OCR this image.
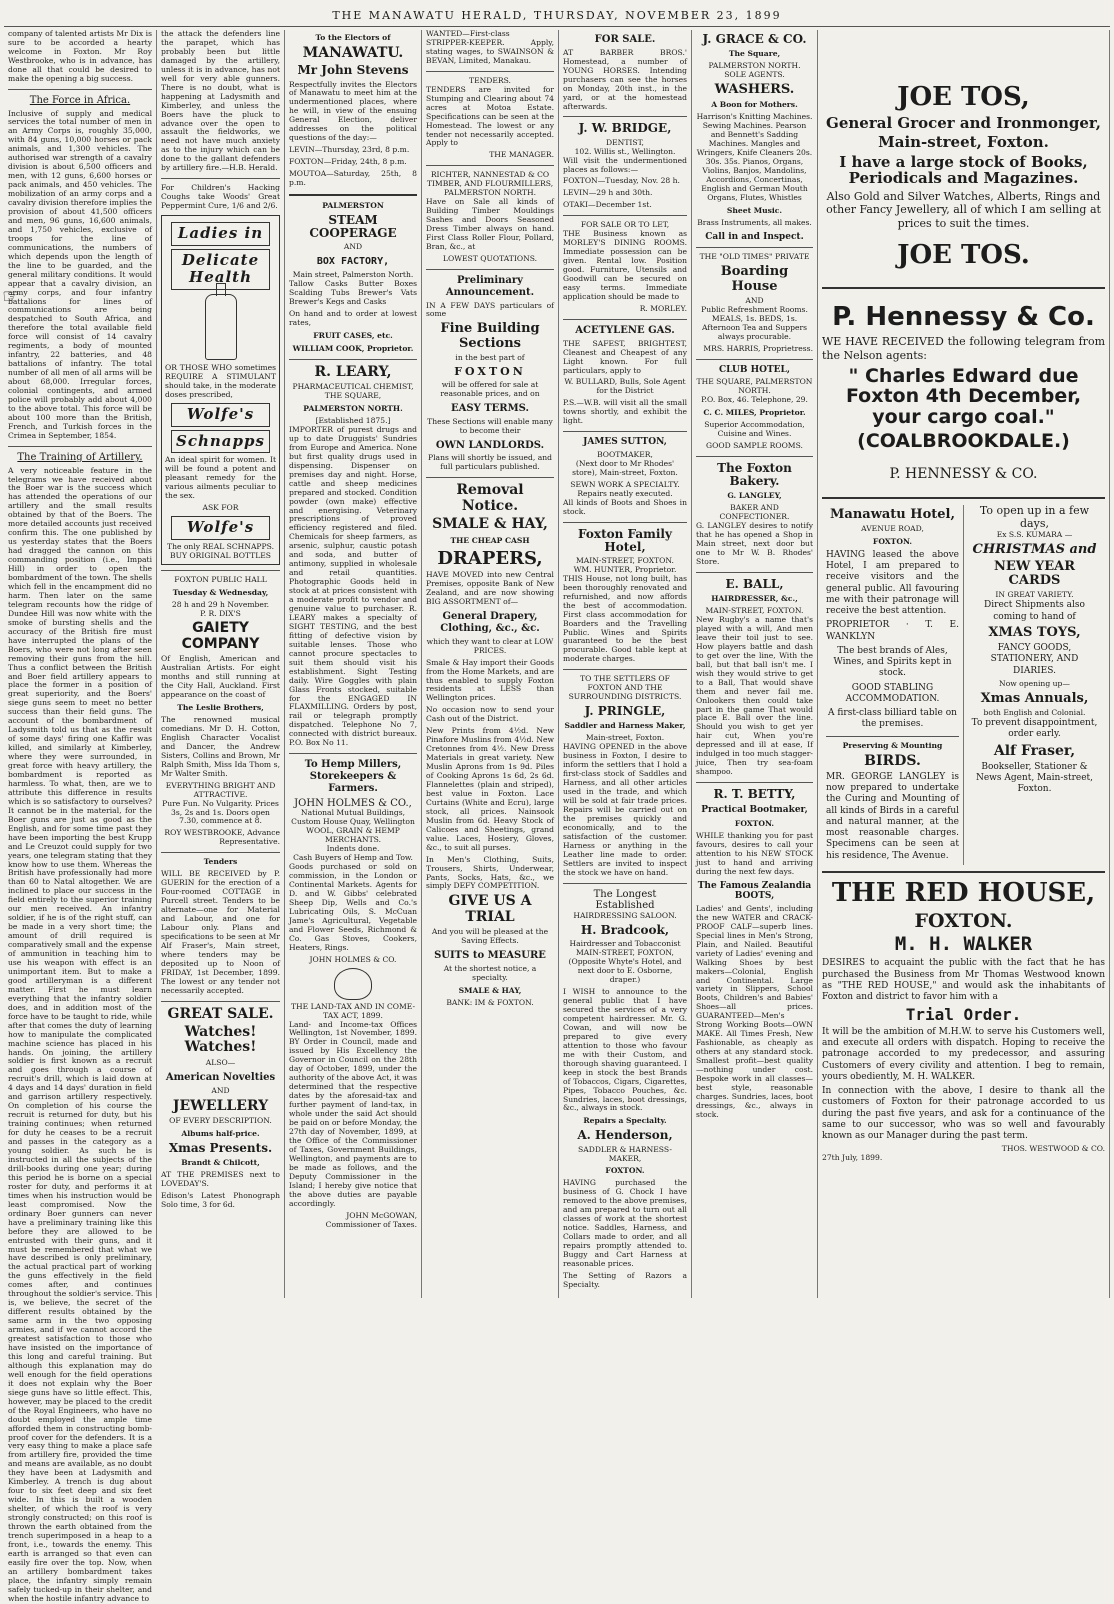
THE MANAWATU HERALD, THURSDAY, NOVEMBER 23, 1899

company of talented artists Mr Dix is sure to be accorded a hearty welcome in Foxton. Mr Roy Westbrooke, who is in advance, has done all that could be desired to make the opening a big success.

The Force in Africa.
☞

Inclusive of supply and medical services the total number of men in an Army Corps is, roughly 35,000, with 84 guns, 10,000 horses or pack animals, and 1,300 vehicles. The authorised war strength of a cavalry division is about 6,500 officers and men, with 12 guns, 6,600 horses or pack animals, and 450 vehicles. The mobilization of an army corps and a cavalry division therefore implies the provision of about 41,500 officers and men, 96 guns, 16,600 animals, and 1,750 vehicles, exclusive of troops for the line of communications, the numbers of which depends upon the length of the line to be guarded, and the general military conditions. It would appear that a cavalry division, an army corps, and four infantry battalions for lines of communications are being despatched to South Africa, and therefore the total available field force will consist of 14 cavalry regiments, a body of mounted infantry, 22 batteries, and 48 battalions of infantry. The total number of all men of all arms will be about 68,000. Irregular forces, colonial contingents, and armed police will probably add about 4,000 to the above total. This force will be about 100 more than the British, French, and Turkish forces in the Crimea in September, 1854.

The Training of Artillery.

A very noticeable feature in the telegrams we have received about the Boer war is the success which has attended the operations of our artillery and the small results obtained by that of the Boers. The more detailed accounts just received confirm this. The one published by us yesterday states that the Boers had dragged the cannon on this commanding position (i.e., Impati Hill) in order to open the bombardment of the town. The shells which fell in the encampment did no harm. Then later on the same telegram recounts how the ridge of Dundee Hill was now white with the smoke of bursting shells and the accuracy of the British fire must have interrupted the plans of the Boers, who were not long after seen removing their guns from the hill. Thus a conflict between the British and Boer field artillery appears to place the former in a position of great superiority, and the Boers' siege guns seem to meet no better success than their field guns. The account of the bombardment of Ladysmith told us that as the result of some days' firing one Kaffir was killed, and similarly at Kimberley, where they were surrounded, in great force with heavy artillery, the bombardment is reported as harmless. To what, then, are we to attribute this difference in results which is so satisfactory to ourselves? It cannot be in the material, for the Boer guns are just as good as the English, and for some time past they have been importing the best Krupp and Le Creuzot could supply for two years, one telegram stating that they know how to use them. Whereas the British have professionally had more than 60 to Natal altogether. We are inclined to place our success in the field entirely to the superior training our men received. An infantry soldier, if he is of the right stuff, can be made in a very short time; the amount of drill required is comparatively small and the expense of ammunition in teaching him to use his weapon with effect is an unimportant item. But to make a good artilleryman is a different matter. First he must learn everything that the infantry soldier does, and in addition most of the force have to be taught to ride, while after that comes the duty of learning how to manipulate the complicated machine science has placed in his hands. On joining, the artillery soldier is first known as a recruit and goes through a course of recruit's drill, which is laid down at 4 days and 14 days' duration in field and garrison artillery respectively. On completion of his course the recruit is returned for duty, but his training continues; when returned for duty he ceases to be a recruit and passes in the category as a young soldier. As such he is instructed in all the subjects of the drill-books during one year; during this period he is borne on a special roster for duty, and performs it at times when his instruction would be least compromised. Now the ordinary Boer gunners can never have a preliminary training like this before they are allowed to be entrusted with their guns, and it must be remembered that what we have described is only preliminary, the actual practical part of working the guns effectively in the field comes after, and continues throughout the soldier's service. This is, we believe, the secret of the different results obtained by the same arm in the two opposing armies, and if we cannot accord the greatest satisfaction to those who have insisted on the importance of this long and careful training. But although this explanation may do well enough for the field operations it does not explain why the Boer siege guns have so little effect. This, however, may be placed to the credit of the Royal Engineers, who have no doubt employed the ample time afforded them in constructing bomb-proof cover for the defenders. It is a very easy thing to make a place safe from artillery fire, provided the time and means are available, as no doubt they have been at Ladysmith and Kimberley. A trench is dug about four to six feet deep and six feet wide. In this is built a wooden shelter, of which the roof is very strongly constructed; on this roof is thrown the earth obtained from the trench superimposed in a heap to a front, i.e., towards the enemy. This earth is arranged so that even can easily fire over the top. Now, when an artillery bombardment takes place, the infantry simply remain safely tucked-up in their shelter, and when the hostile infantry advance to

the attack the defenders line the parapet, which has probably been but little damaged by the artillery, unless it is in advance, has not well for very able gunners. There is no doubt, what is happening at Ladysmith and Kimberley, and unless the Boers have the pluck to advance over the open to assault the fieldworks, we need not have much anxiety as to the injury which can be done to the gallant defenders by artillery fire.—H.B. Herald.

For Children's Hacking Coughs take Woods' Great Peppermint Cure, 1/6 and 2/6.

Ladies in
Delicate Health

OR THOSE WHO sometimes REQUIRE A STIMULANT should take, in the moderate doses prescribed,

Wolfe's
Schnapps

An ideal spirit for women. It will be found a potent and pleasant remedy for the various ailments peculiar to the sex.

ASK FOR
Wolfe's
The only REAL SCHNAPPS.
BUY ORIGINAL BOTTLES
FOXTON PUBLIC HALL
Tuesday & Wednesday,
28 h and 29 h November.
P. R. DIX'S
GAIETY COMPANY

Of English, American and Australian Artists. For eight months and still running at the City Hall, Auckland. First appearance on the coast of

The Leslie Brothers,

The renowned musical comedians. Mr D. H. Cotton, English Character Vocalist and Dancer, the Andrew Sisters, Collins and Brown, Mr Ralph Smith, Miss Ida Thom s, Mr Walter Smith.

EVERYTHING BRIGHT AND ATTRACTIVE.

Pure Fun. No Vulgarity. Prices 3s, 2s and 1s. Doors open 7.30, commence at 8.

ROY WESTBROOKE, Advance Representative.
Tenders

WILL BE RECEIVED by P. GUERIN for the erection of a Four-roomed COTTAGE in Purcell street. Tenders to be alternate—one for Material and Labour, and one for Labour only. Plans and specifications to be seen at Mr Alf Fraser's, Main street, where tenders may be deposited up to Noon of FRIDAY, 1st December, 1899. The lowest or any tender not necessarily accepted.

GREAT SALE.
Watches! Watches!
ALSO—
American Novelties
AND
JEWELLERY
OF EVERY DESCRIPTION.
Albums half-price.
Xmas Presents.
Brandt & Chilcott,

AT THE PREMISES next to LOVEDAY'S.

Edison's Latest Phonograph Solo time, 3 for 6d.

To the Electors of
MANAWATU.
Mr John Stevens

Respectfully invites the Electors of Manawatu to meet him at the undermentioned places, where he will, in view of the ensuing General Election, deliver addresses on the political questions of the day:—

LEVIN—Thursday, 23rd, 8 p.m.

FOXTON—Friday, 24th, 8 p.m.

MOUTOA—Saturday, 25th, 8 p.m.

PALMERSTON
STEAM COOPERAGE
AND
BOX FACTORY,
Main street, Palmerston North.

Tallow Casks Butter Boxes Scalding Tubs Brewer's Vats Brewer's Kegs and Casks

On hand and to order at lowest rates,

FRUIT CASES, etc.
WILLIAM COOK, Proprietor.
R. LEARY,
PHARMACEUTICAL CHEMIST,
THE SQUARE,
PALMERSTON NORTH.
[Established 1875.]

IMPORTER of purest drugs and up to date Druggists' Sundries from Europe and America. None but first quality drugs used in dispensing. Dispenser on premises day and night. Horse, cattle and sheep medicines prepared and stocked. Condition powder (own make) effective and energising. Veterinary prescriptions of proved efficiency registered and filed. Chemicals for sheep farmers, as arsenic, sulphur, caustic potash and soda, and butter of antimony, supplied in wholesale and retail quantities. Photographic Goods held in stock at at prices consistent with a moderate profit to vendor and genuine value to purchaser. R. LEARY makes a specialty of SIGHT TESTING, and the best fitting of defective vision by suitable lenses. Those who cannot procure spectacles to suit them should visit his establishment. Sight Testing daily. Wire Goggles with plain Glass Fronts stocked, suitable for the ENGAGED IN FLAXMILLING. Orders by post, rail or telegraph promptly dispatched. Telephone No 7, connected with district bureaux. P.O. Box No 11.

To Hemp Millers, Storekeepers & Farmers.
JOHN HOLMES & CO.,
National Mutual Buildings, Custom House Quay, Wellington
WOOL, GRAIN & HEMP MERCHANTS.
Indents done.
Cash Buyers of Hemp and Tow.

Goods purchased or sold on commission, in the London or Continental Markets. Agents for D. and W. Gibbs' celebrated Sheep Dip, Wells and Co.'s Lubricating Oils, S. McCuan Jame's Agricultural, Vegetable and Flower Seeds, Richmond & Co. Gas Stoves, Cookers, Heaters, Rings.

JOHN HOLMES & CO.
THE LAND-TAX AND IN COME-TAX ACT, 1899.

Land- and Income-tax Offices Wellington, 1st November, 1899. BY Order in Council, made and issued by His Excellency the Governor in Council on the 28th day of October, 1899, under the authority of the above Act, it was determined that the respective dates by the aforesaid-tax and further payment of land-tax, in whole under the said Act should be paid on or before Monday, the 27th day of November, 1899, at the Office of the Commissioner of Taxes, Government Buildings, Wellington, and payments are to be made as follows, and the Deputy Commissioner in the Island; I hereby give notice that the above duties are payable accordingly.

JOHN McGOWAN, Commissioner of Taxes.

WANTED—First-class STRIPPER-KEEPER. Apply, stating wages, to SWAINSON & BEVAN, Limited, Manakau.

TENDERS.

TENDERS are invited for Stumping and Clearing about 74 acres at Motoa Estate. Specifications can be seen at the Homestead. The lowest or any tender not necessarily accepted. Apply to

THE MANAGER.
RICHTER, NANNESTAD & CO TIMBER, AND FLOURMILLERS,
PALMERSTON NORTH.

Have on Sale all kinds of Building Timber Mouldings Sashes and Doors Seasoned Dress Timber always on hand. First Class Roller Flour, Pollard, Bran, &c., at

LOWEST QUOTATIONS.
Preliminary Announcement.

IN A FEW DAYS particulars of some

Fine Building Sections
in the best part of
FOXTON

will be offered for sale at reasonable prices, and on

EASY TERMS.

These Sections will enable many to become their

OWN LANDLORDS.

Plans will shortly be issued, and full particulars published.

Removal Notice.
SMALE & HAY,
THE CHEAP CASH
DRAPERS,

HAVE MOVED into new Central Premises, opposite Bank of New Zealand, and are now showing BIG ASSORTMENT of—

General Drapery, Clothing, &c., &c.

which they want to clear at LOW PRICES.

Smale & Hay import their Goods from the Home Markets, and are thus enabled to supply Foxton residents at LESS than Wellington prices.

No occasion now to send your Cash out of the District.

New Prints from 4½d. New Pinafore Muslins from 4½d. New Cretonnes from 4½. New Dress Materials in great variety. New Muslin Aprons from 1s 9d. Piles of Cooking Aprons 1s 6d, 2s 6d. Flannelettes (plain and striped), best value in Foxton. Lace Curtains (White and Ecru), large stock, all prices. Nainsook Muslin from 6d. Heavy Stock of Calicoes and Sheetings, grand value. Laces, Hosiery, Gloves, &c., to suit all purses.

In Men's Clothing, Suits, Trousers, Shirts, Underwear, Pants, Socks, Hats, &c., we simply DEFY COMPETITION.

GIVE US A TRIAL

And you will be pleased at the Saving Effects.

SUITS to MEASURE

At the shortest notice, a specialty.

SMALE & HAY,
BANK: IM & FOXTON.
FOR SALE.

AT BARBER BROS.' Homestead, a number of YOUNG HORSES. Intending purchasers can see the horses on Monday, 20th inst., in the yard, or at the homestead afterwards.

J. W. BRIDGE,
DENTIST,
102. Willis st., Wellington.

Will visit the undermentioned places as follows:—

FOXTON—Tuesday, Nov. 28 h.

LEVIN—29 h and 30th.

OTAKI—December 1st.

FOR SALE OR TO LET,

THE Business known as MORLEY'S DINING ROOMS. Immediate possession can be given. Rental low. Position good. Furniture, Utensils and Goodwill can be secured on easy terms. Immediate application should be made to

R. MORLEY.
ACETYLENE GAS.

THE SAFEST, BRIGHTEST, Cleanest and Cheapest of any Light known. For full particulars, apply to

W. BULLARD, Bulls, Sole Agent for the District

P.S.—W.B. will visit all the small towns shortly, and exhibit the light.

JAMES SUTTON,
BOOTMAKER,

(Next door to Mr Rhodes' store), Main-street, Foxton.

SEWN WORK A SPECIALTY.
Repairs neatly executed.

All kinds of Boots and Shoes in stock.

Foxton Family Hotel,
MAIN-STREET, FOXTON.
WM. HUNTER, Proprietor.

THIS House, not long built, has been thoroughly renovated and refurnished, and now affords the best of accommodation. First class accommodation for Boarders and the Travelling Public. Wines and Spirits guaranteed to be the best procurable. Good table kept at moderate charges.

TO THE SETTLERS OF FOXTON AND THE SURROUNDING DISTRICTS.
J. PRINGLE,
Saddler and Harness Maker,
Main-street, Foxton.

HAVING OPENED in the above business in Foxton, I desire to inform the settlers that I hold a first-class stock of Saddles and Harness, and all other articles used in the trade, and which will be sold at fair trade prices. Repairs will be carried out on the premises quickly and economically, and to the satisfaction of the customer. Harness or anything in the Leather line made to order. Settlers are invited to inspect the stock we have on hand.

The Longest Established
HAIRDRESSING SALOON.
H. Bradcook,
Hairdresser and Tobacconist

MAIN-STREET, FOXTON, (Opposite Whyte's Hotel, and next door to E. Osborne, draper.)

I WISH to announce to the general public that I have secured the services of a very competent hairdresser. Mr. G. Cowan, and will now be prepared to give every attention to those who favour me with their Custom, and thorough shaving guaranteed. I keep in stock the best Brands of Tobaccos, Cigars, Cigarettes, Pipes, Tobacco Pouches, &c. Sundries, laces, boot dressings, &c., always in stock.

Repairs a Specialty.
A. Henderson,
SADDLER & HARNESS-MAKER,
FOXTON.

HAVING purchased the business of G. Chock I have removed to the above premises, and am prepared to turn out all classes of work at the shortest notice. Saddles, Harness, and Collars made to order, and all repairs promptly attended to. Buggy and Cart Harness at reasonable prices.

The Setting of Razors a Specialty.

J. GRACE & CO.
The Square,
PALMERSTON NORTH.
SOLE AGENTS.
WASHERS.
A Boon for Mothers.

Harrison's Knitting Machines. Sewing Machines. Pearson and Bennett's Sadding Machines. Mangles and Wringers, Knife Cleaners 20s. 30s. 35s. Pianos, Organs, Violins, Banjos, Mandolins, Accordions, Concertinas, English and German Mouth Organs, Flutes, Whistles

Sheet Music.
Brass Instruments, all makes.
Call in and Inspect.
THE "OLD TIMES" PRIVATE
Boarding House
AND
Public Refreshment Rooms.
MEALS, 1s. BEDS, 1s.

Afternoon Tea and Suppers always procurable.

MRS. HARRIS, Proprietress.
CLUB HOTEL,
THE SQUARE, PALMERSTON NORTH.
P.O. Box, 46. Telephone, 29.
C. C. MILES, Proprietor.

Superior Accommodation, Cuisine and Wines.

GOOD SAMPLE ROOMS.
The Foxton Bakery.
G. LANGLEY,
BAKER AND CONFECTIONER.

G. LANGLEY desires to notify that he has opened a Shop in Main street, next door but one to Mr W. B. Rhodes' Store.

E. BALL,
HAIRDRESSER, &c.,
MAIN-STREET, FOXTON.

New Rugby's a name that's played with a will, And men leave their toil just to see. How players battle and dash to get over the line, With the ball, but that ball isn't me. I wish they would strive to get to a Ball, That would shave them and never fail me. Onlookers then could take part in the game That would place E. Ball over the line. Should you wish to get yer hair cut, When you're depressed and ill at ease, If indulged in too much stagger-juice, Then try sea-foam shampoo.

R. T. BETTY,
Practical Bootmaker,
FOXTON.

WHILE thanking you for past favours, desires to call your attention to his NEW STOCK just to hand and arriving during the next few days.

The Famous Zealandia BOOTS,

Ladies' and Gents', including the new WATER and CRACK-PROOF CALF—superb lines. Special lines in Men's Strong, Plain, and Nailed. Beautiful variety of Ladies' evening and Walking Shoes by best makers—Colonial, English and Continental. Large variety in Slippers, School Boots, Children's and Babies' Shoes—all prices. GUARANTEED—Men's Strong Working Boots—OWN MAKE. All Times Fresh, New Fashionable, as cheaply as others at any standard stock. Smallest profit—best quality—nothing under cost. Bespoke work in all classes—best style, reasonable charges. Sundries, laces, boot dressings, &c., always in stock.

JOE TOS,
General Grocer and Ironmonger,
Main-street, Foxton.
I have a large stock of Books, Periodicals and Magazines.

Also Gold and Silver Watches, Alberts, Rings and other Fancy Jewellery, all of which I am selling at prices to suit the times.

JOE TOS.
P. Hennessy & Co.

WE HAVE RECEIVED the following telegram from the Nelson agents:

" Charles Edward due Foxton 4th December, your cargo coal."
(COALBROOKDALE.)
P. HENNESSY & CO.
Manawatu Hotel,
AVENUE ROAD,
FOXTON.

HAVING leased the above Hotel, I am prepared to receive visitors and the general public. All favouring me with their patronage will receive the best attention.

PROPRIETOR · T. E. WANKLYN

The best brands of Ales, Wines, and Spirits kept in stock.

GOOD STABLING ACCOMMODATION.

A first-class billiard table on the premises.

Preserving & Mounting
BIRDS.

MR. GEORGE LANGLEY is now prepared to undertake the Curing and Mounting of all kinds of Birds in a careful and natural manner, at the most reasonable charges. Specimens can be seen at his residence, The Avenue.

To open up in a few days,
Ex S.S. KUMARA —
CHRISTMAS and
NEW YEAR CARDS
IN GREAT VARIETY.

Direct Shipments also coming to hand of

XMAS TOYS,

FANCY GOODS, STATIONERY, AND DIARIES.

Now opening up—
Xmas Annuals,
both English and Colonial.

To prevent disappointment, order early.

Alf Fraser,

Bookseller, Stationer & News Agent, Main-street, Foxton.

THE RED HOUSE,
FOXTON.
M. H. WALKER

DESIRES to acquaint the public with the fact that he has purchased the Business from Mr Thomas Westwood known as "THE RED HOUSE," and would ask the inhabitants of Foxton and district to favor him with a

Trial Order.

It will be the ambition of M.H.W. to serve his Customers well, and execute all orders with dispatch. Hoping to receive the patronage accorded to my predecessor, and assuring Customers of every civility and attention. I beg to remain, yours obediently, M. H. WALKER.

In connection with the above, I desire to thank all the customers of Foxton for their patronage accorded to us during the past five years, and ask for a continuance of the same to our successor, who was so well and favourably known as our Manager during the past term.

THOS. WESTWOOD & CO.
27th July, 1899.
